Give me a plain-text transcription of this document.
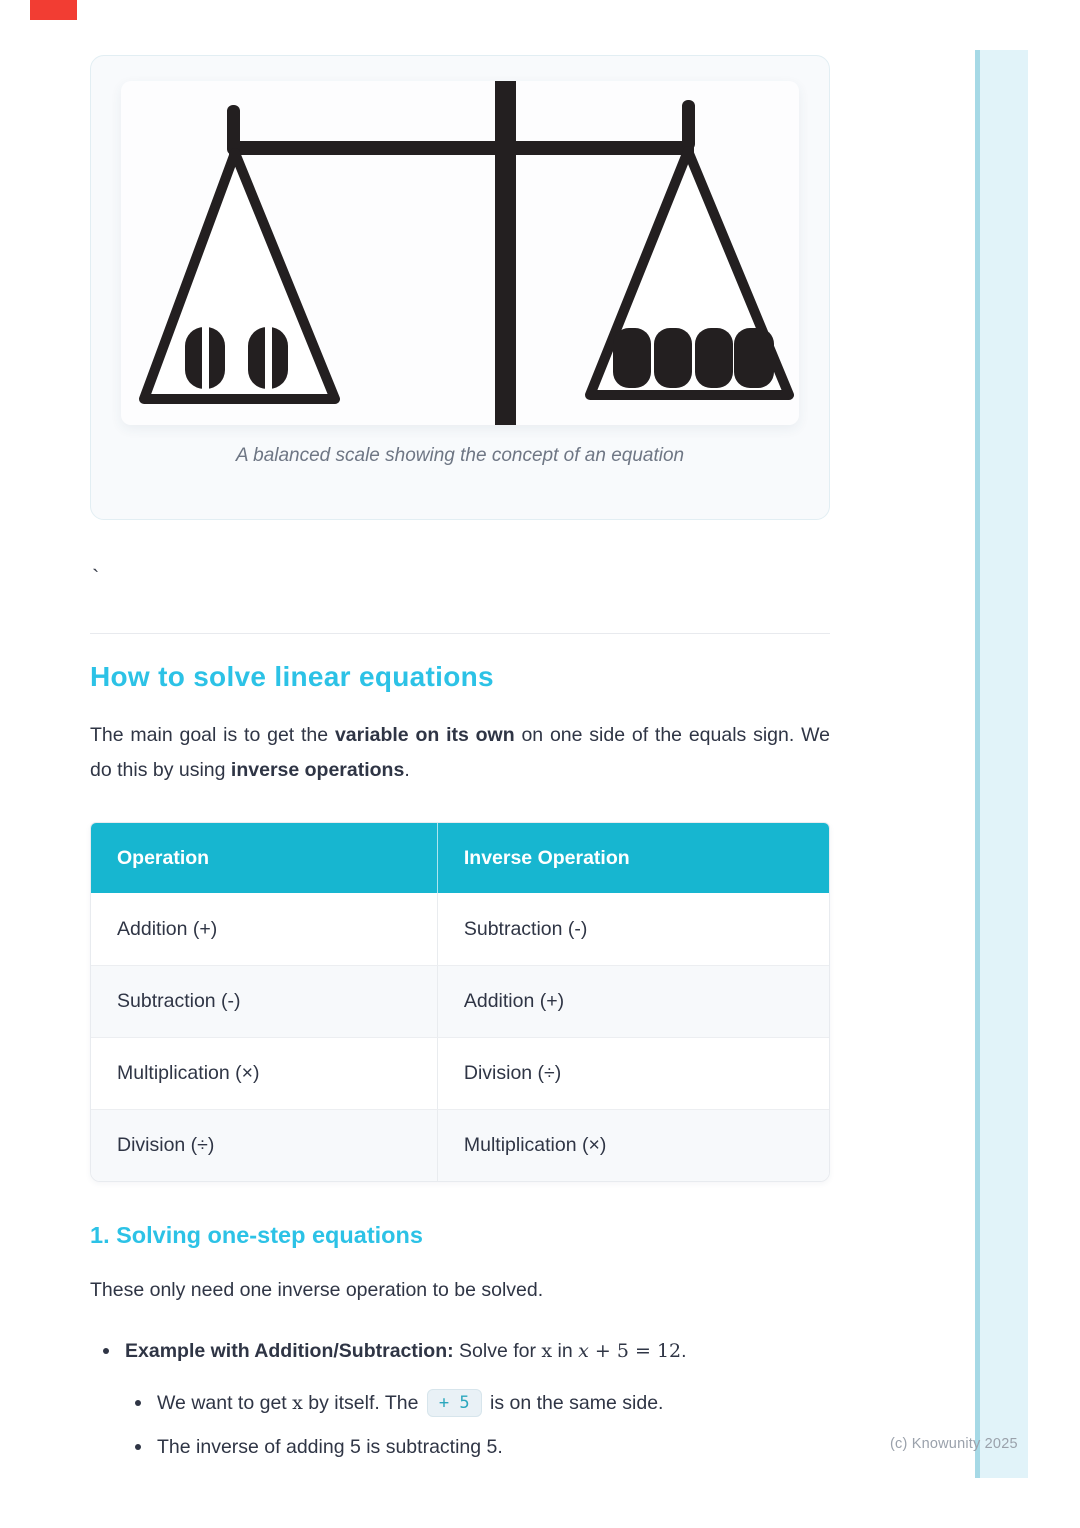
(c) Knowunity 2025
A balanced scale showing the concept of an equation
`
How to solve linear equations

The main goal is to get the variable on its own on one side of the equals sign. We do this by using inverse operations.

Operation	Inverse Operation
Addition (+)	Subtraction (-)
Subtraction (-)	Addition (+)
Multiplication (×)	Division (÷)
Division (÷)	Multiplication (×)
1. Solving one-step equations

These only need one inverse operation to be solved.

Example with Addition/Subtraction: Solve for x in x + 5 = 12.
We want to get x by itself. The + 5 is on the same side.
The inverse of adding 5 is subtracting 5.
